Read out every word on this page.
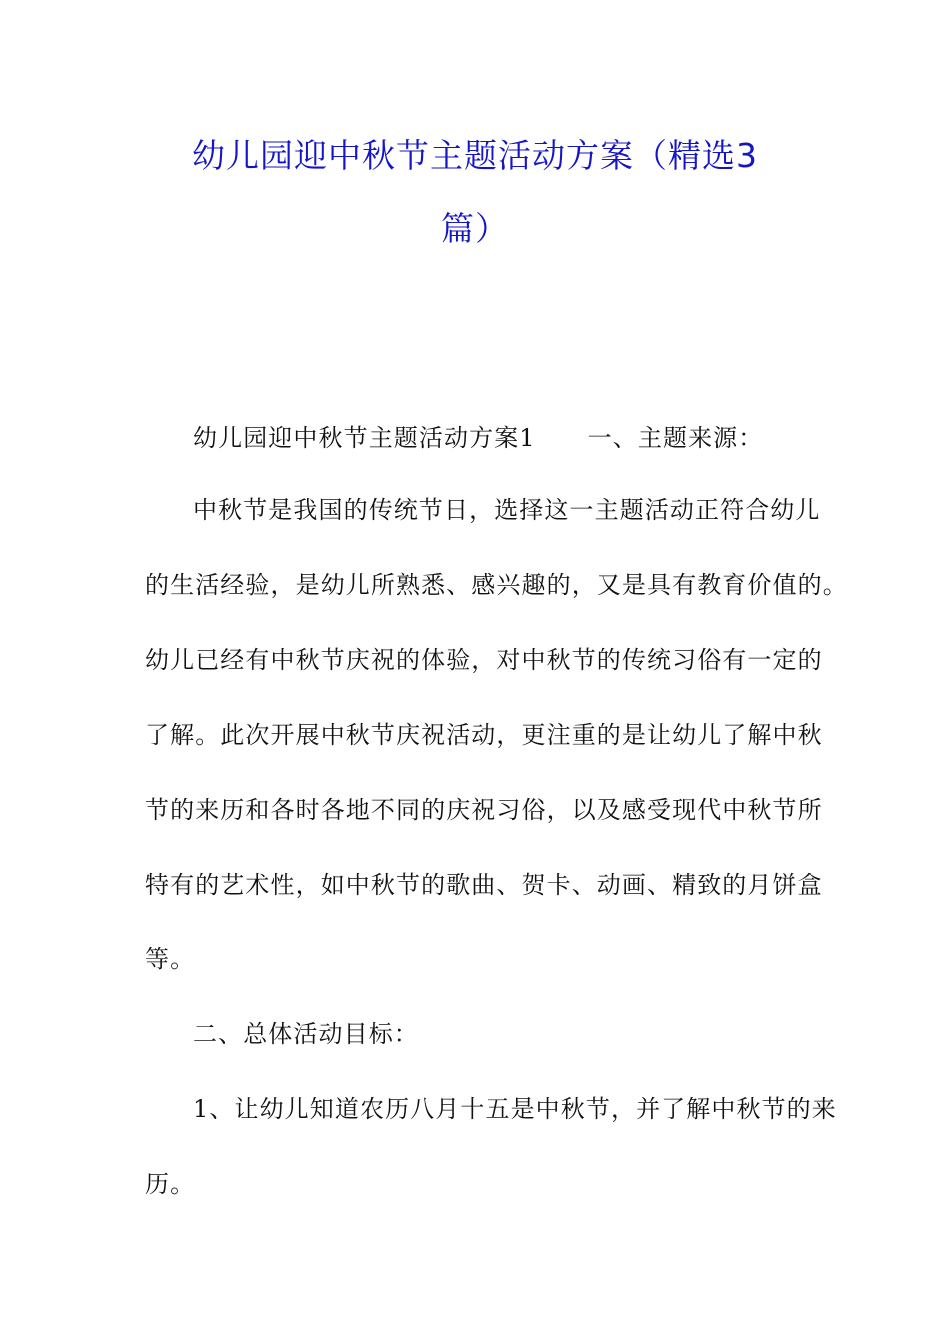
幼儿园迎中秋节主题活动方案（精选3
篇）

幼儿园迎中秋节主题活动方案1 一、主题来源：

中秋节是我国的传统节日，选择这一主题活动正符合幼儿

的生活经验，是幼儿所熟悉、感兴趣的，又是具有教育价值的。

幼儿已经有中秋节庆祝的体验，对中秋节的传统习俗有一定的

了解。此次开展中秋节庆祝活动，更注重的是让幼儿了解中秋

节的来历和各时各地不同的庆祝习俗，以及感受现代中秋节所

特有的艺术性，如中秋节的歌曲、贺卡、动画、精致的月饼盒

等。

二、总体活动目标：

1、让幼儿知道农历八月十五是中秋节，并了解中秋节的来

历。
